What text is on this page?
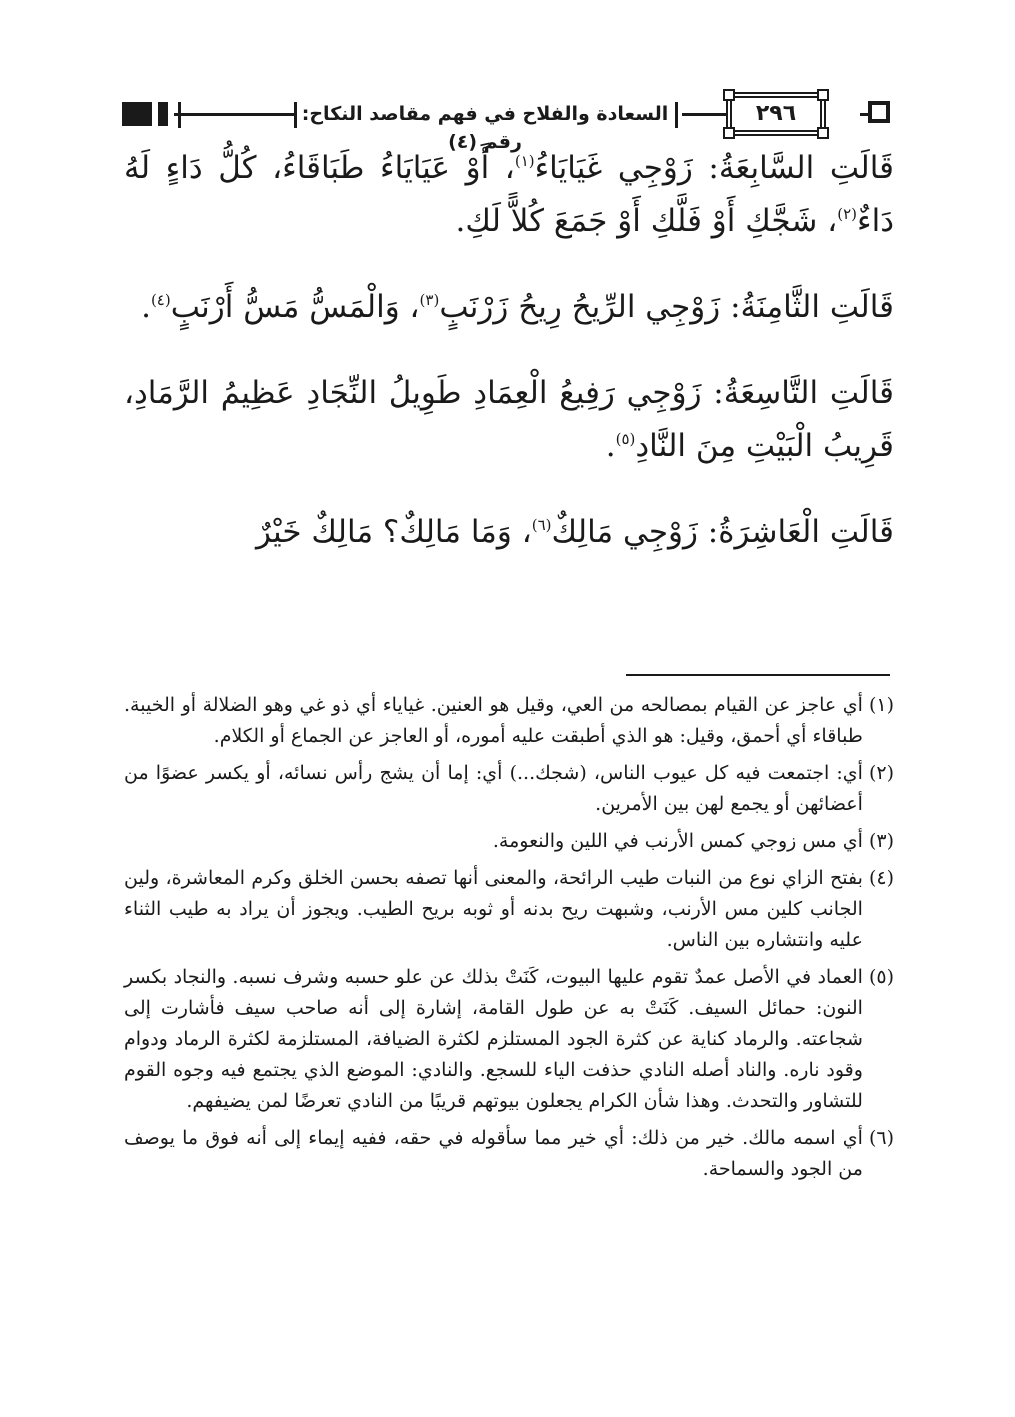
السعادة والفلاح في فهم مقاصد النكاح: رقم (٤)
٢٩٦

قَالَتِ السَّابِعَةُ: زَوْجِي غَيَايَاءُ$^{(١)}$، أَوْ عَيَايَاءُ طَبَاقَاءُ، كُلُّ دَاءٍ لَهُ دَاءٌ$^{(٢)}$، شَجَّكِ أَوْ فَلَّكِ أَوْ جَمَعَ كُلاًّ لَكِ.

قَالَتِ الثَّامِنَةُ: زَوْجِي الرِّيحُ رِيحُ زَرْنَبٍ$^{(٣)}$، وَالْمَسُّ مَسُّ أَرْنَبٍ$^{(٤)}$.

قَالَتِ التَّاسِعَةُ: زَوْجِي رَفِيعُ الْعِمَادِ طَوِيلُ النِّجَادِ عَظِيمُ الرَّمَادِ، قَرِيبُ الْبَيْتِ مِنَ النَّادِ$^{(٥)}$.

قَالَتِ الْعَاشِرَةُ: زَوْجِي مَالِكٌ$^{(٦)}$، وَمَا مَالِكٌ؟ مَالِكٌ خَيْرٌ

(١)
أي عاجز عن القيام بمصالحه من العي، وقيل هو العنين. غياياء أي ذو غي وهو الضلالة أو الخيبة. طباقاء أي أحمق، وقيل: هو الذي أطبقت عليه أموره، أو العاجز عن الجماع أو الكلام.
(٢)
أي: اجتمعت فيه كل عيوب الناس، (شجك...) أي: إما أن يشج رأس نسائه، أو يكسر عضوًا من أعضائهن أو يجمع لهن بين الأمرين.
(٣)
أي مس زوجي كمس الأرنب في اللين والنعومة.
(٤)
بفتح الزاي نوع من النبات طيب الرائحة، والمعنى أنها تصفه بحسن الخلق وكرم المعاشرة، ولين الجانب كلين مس الأرنب، وشبهت ريح بدنه أو ثوبه بريح الطيب. ويجوز أن يراد به طيب الثناء عليه وانتشاره بين الناس.
(٥)
العماد في الأصل عمدٌ تقوم عليها البيوت، كَنَتْ بذلك عن علو حسبه وشرف نسبه. والنجاد بكسر النون: حمائل السيف. كَنَتْ به عن طول القامة، إشارة إلى أنه صاحب سيف فأشارت إلى شجاعته. والرماد كناية عن كثرة الجود المستلزم لكثرة الضيافة، المستلزمة لكثرة الرماد ودوام وقود ناره. والناد أصله النادي حذفت الياء للسجع. والنادي: الموضع الذي يجتمع فيه وجوه القوم للتشاور والتحدث. وهذا شأن الكرام يجعلون بيوتهم قريبًا من النادي تعرضًا لمن يضيفهم.
(٦)
أي اسمه مالك. خير من ذلك: أي خير مما سأقوله في حقه، ففيه إيماء إلى أنه فوق ما يوصف من الجود والسماحة.
